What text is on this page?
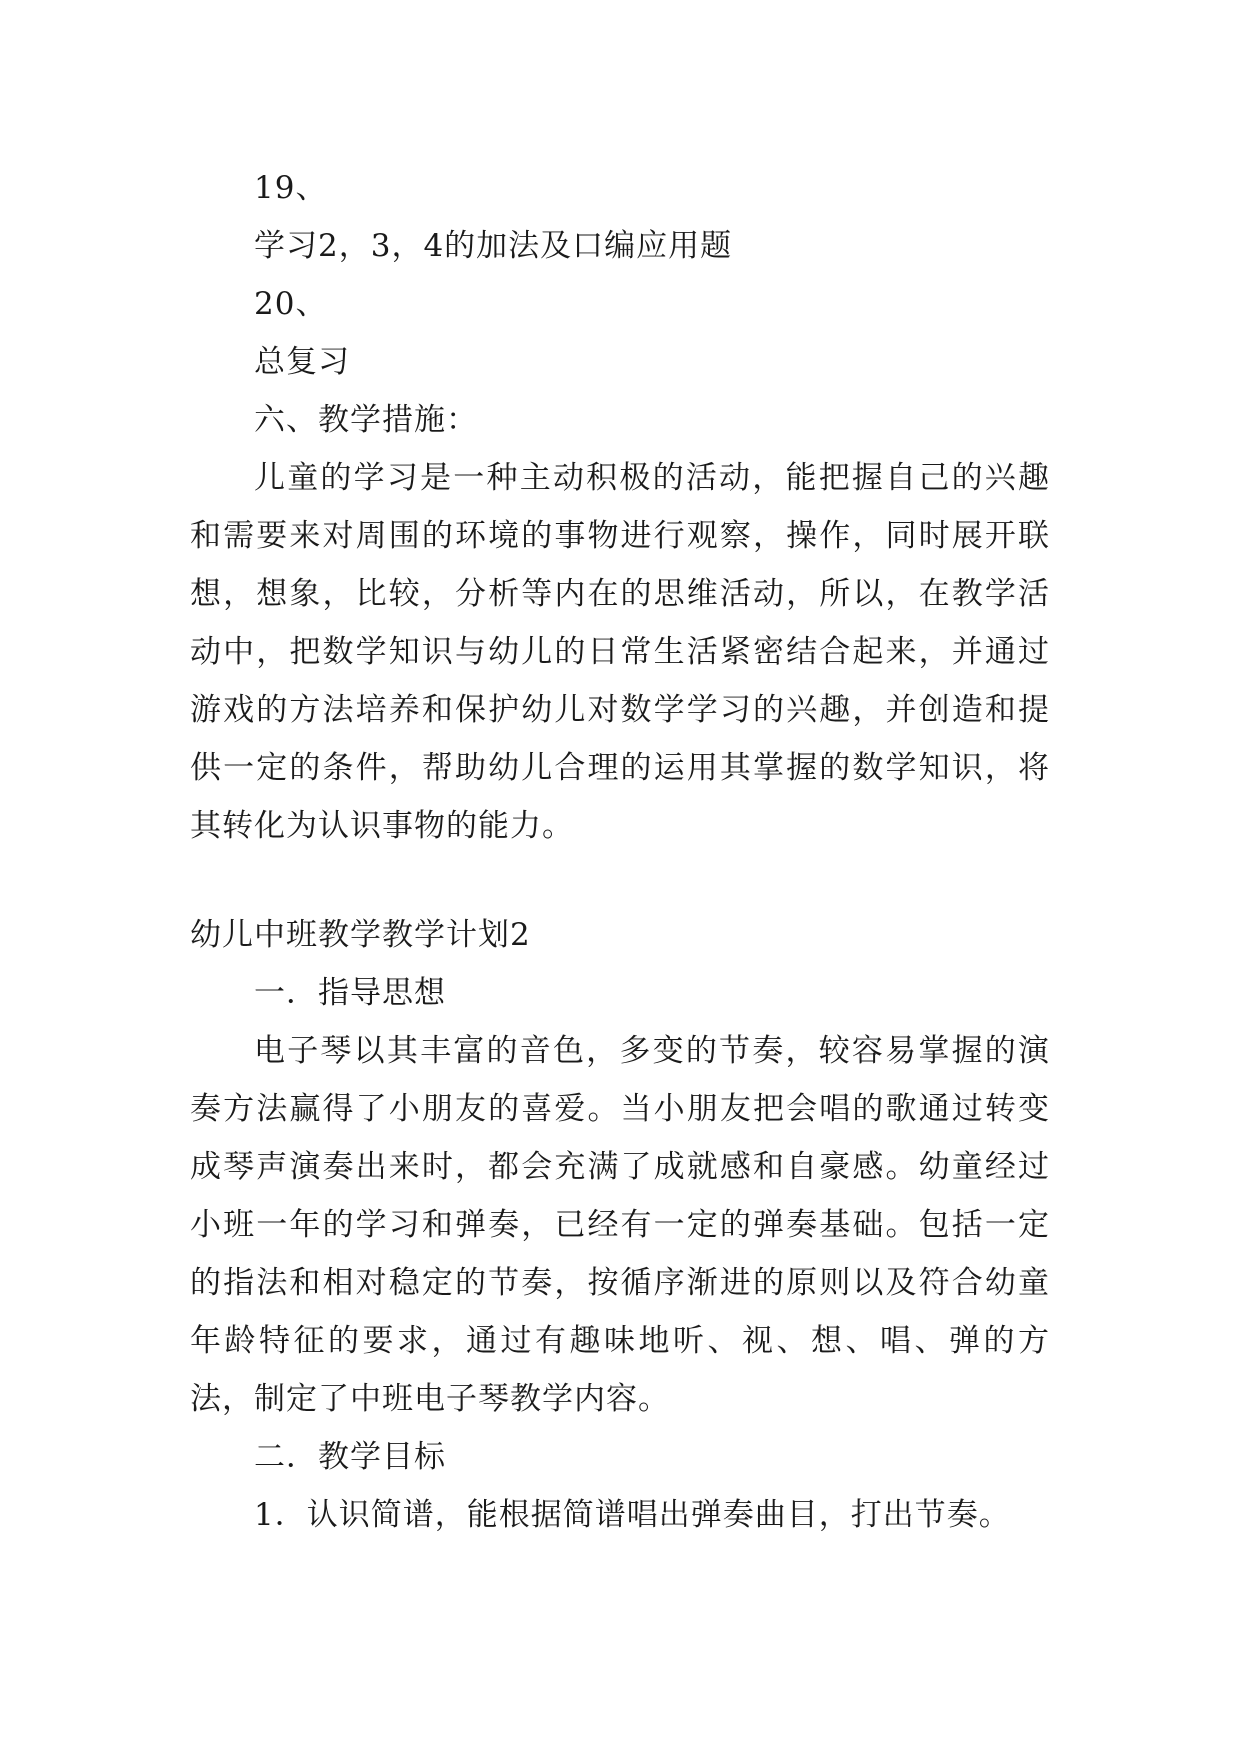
19、
学习2，3，4的加法及口编应用题
20、
总复习
六、教学措施：
儿童的学习是一种主动积极的活动，能把握自己的兴趣和需要来对周围的环境的事物进行观察，操作，同时展开联想，想象，比较，分析等内在的思维活动，所以，在教学活动中，把数学知识与幼儿的日常生活紧密结合起来，并通过游戏的方法培养和保护幼儿对数学学习的兴趣，并创造和提供一定的条件，帮助幼儿合理的运用其掌握的数学知识，将其转化为认识事物的能力。
幼儿中班教学教学计划2
一．指导思想
电子琴以其丰富的音色，多变的节奏，较容易掌握的演奏方法赢得了小朋友的喜爱。当小朋友把会唱的歌通过转变成琴声演奏出来时，都会充满了成就感和自豪感。幼童经过小班一年的学习和弹奏，已经有一定的弹奏基础。包括一定的指法和相对稳定的节奏，按循序渐进的原则以及符合幼童年龄特征的要求，通过有趣味地听、视、想、唱、弹的方法，制定了中班电子琴教学内容。
二．教学目标
1．认识简谱，能根据简谱唱出弹奏曲目，打出节奏。
